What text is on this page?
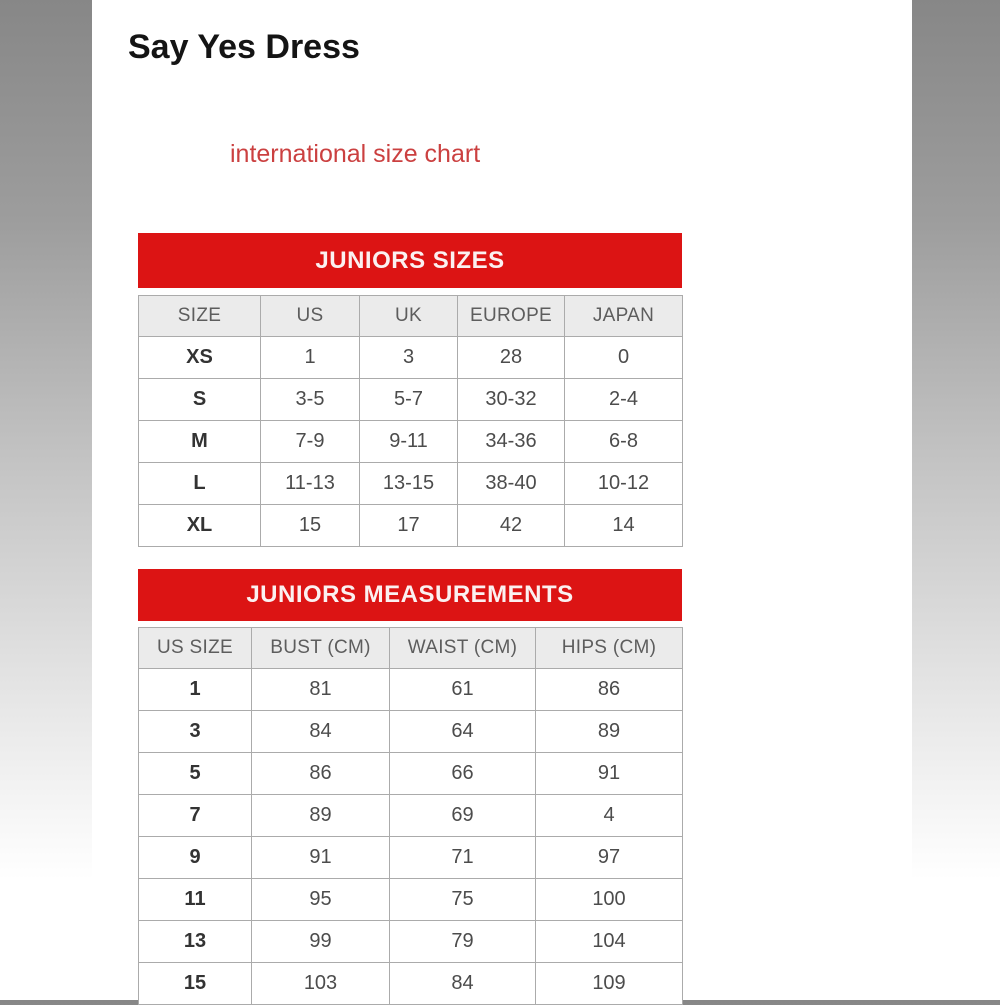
Say Yes Dress
international size chart
JUNIORS SIZES
SIZE	US	UK	EUROPE	JAPAN
XS	1	3	28	0
S	3-5	5-7	30-32	2-4
M	7-9	9-11	34-36	6-8
L	11-13	13-15	38-40	10-12
XL	15	17	42	14
JUNIORS MEASUREMENTS
US SIZE	BUST (CM)	WAIST (CM)	HIPS (CM)
1	81	61	86
3	84	64	89
5	86	66	91
7	89	69	4
9	91	71	97
11	95	75	100
13	99	79	104
15	103	84	109
